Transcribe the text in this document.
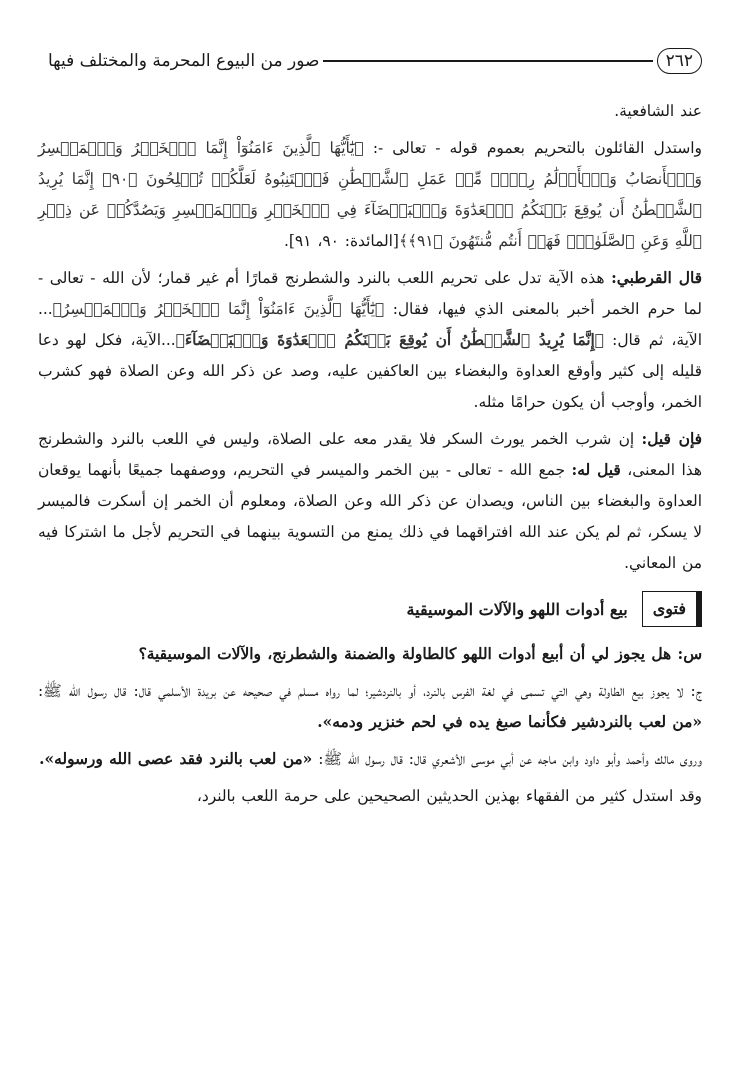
٢٦٢
صور من البيوع المحرمة والمختلف فيها

عند الشافعية.

واستدل القائلون بالتحريم بعموم قوله - تعالى -: ﴿يَٰٓأَيُّهَا ٱلَّذِينَ ءَامَنُوٓاْ إِنَّمَا ٱلۡخَمۡرُ وَٱلۡمَيۡسِرُ وَٱلۡأَنصَابُ وَٱلۡأَزۡلَٰمُ رِجۡسٞ مِّنۡ عَمَلِ ٱلشَّيۡطَٰنِ فَٱجۡتَنِبُوهُ لَعَلَّكُمۡ تُفۡلِحُونَ ﴿٩٠﴾ إِنَّمَا يُرِيدُ ٱلشَّيۡطَٰنُ أَن يُوقِعَ بَيۡنَكُمُ ٱلۡعَدَٰوَةَ وَٱلۡبَغۡضَآءَ فِي ٱلۡخَمۡرِ وَٱلۡمَيۡسِرِ وَيَصُدَّكُمۡ عَن ذِكۡرِ ٱللَّهِ وَعَنِ ٱلصَّلَوٰةِۖ فَهَلۡ أَنتُم مُّنتَهُونَ ﴿٩١﴾﴾[المائدة: ٩٠، ٩١].

قال القرطبي: هذه الآية تدل على تحريم اللعب بالنرد والشطرنج قمارًا أم غير قمار؛ لأن الله - تعالى - لما حرم الخمر أخبر بالمعنى الذي فيها، فقال: ﴿يَٰٓأَيُّهَا ٱلَّذِينَ ءَامَنُوٓاْ إِنَّمَا ٱلۡخَمۡرُ وَٱلۡمَيۡسِرُ﴾... الآية، ثم قال: ﴿إِنَّمَا يُرِيدُ ٱلشَّيۡطَٰنُ أَن يُوقِعَ بَيۡنَكُمُ ٱلۡعَدَٰوَةَ وَٱلۡبَغۡضَآءَ﴾...الآية، فكل لهو دعا قليله إلى كثير وأوقع العداوة والبغضاء بين العاكفين عليه، وصد عن ذكر الله وعن الصلاة فهو كشرب الخمر، وأوجب أن يكون حرامًا مثله.

فإن قيل: إن شرب الخمر يورث السكر فلا يقدر معه على الصلاة، وليس في اللعب بالنرد والشطرنج هذا المعنى، قيل له: جمع الله - تعالى - بين الخمر والميسر في التحريم، ووصفهما جميعًا بأنهما يوقعان العداوة والبغضاء بين الناس، ويصدان عن ذكر الله وعن الصلاة، ومعلوم أن الخمر إن أسكرت فالميسر لا يسكر، ثم لم يكن عند الله افتراقهما في ذلك يمنع من التسوية بينهما في التحريم لأجل ما اشتركا فيه من المعاني.

فتوى
بيع أدوات اللهو والآلات الموسيقية

س: هل يجوز لي أن أبيع أدوات اللهو كالطاولة والضمنة والشطرنج، والآلات الموسيقية؟

ج: لا يجوز بيع الطاولة وهي التي تسمى في لغة الفرس بالنرد، أو بالنردشير؛ لما رواه مسلم في صحيحه عن بريدة الأسلمي قال: قال رسول الله ﷺ: «من لعب بالنردشير فكأنما صبغ يده في لحم خنزير ودمه».

وروى مالك وأحمد وأبو داود وابن ماجه عن أبي موسى الأشعري قال: قال رسول الله ﷺ: «من لعب بالنرد فقد عصى الله ورسوله».

وقد استدل كثير من الفقهاء بهذين الحديثين الصحيحين على حرمة اللعب بالنرد،
